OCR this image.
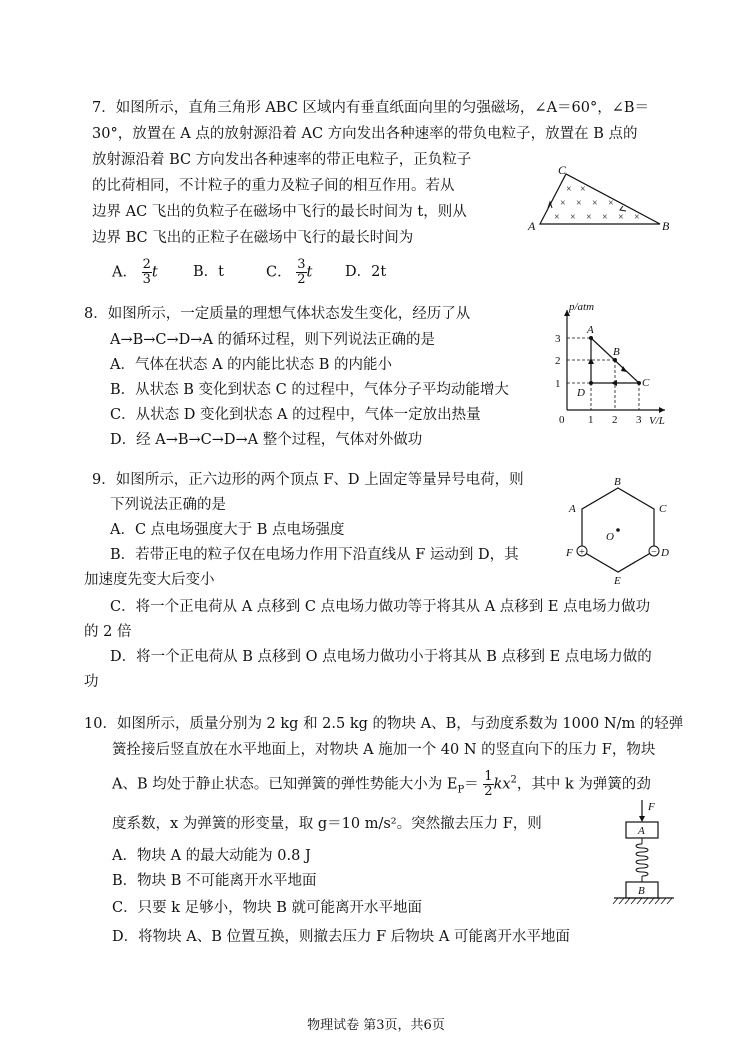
7．如图所示，直角三角形 ABC 区域内有垂直纸面向里的匀强磁场，∠A＝60°，∠B＝
30°，放置在 A 点的放射源沿着 AC 方向发出各种速率的带负电粒子，放置在 B 点的
放射源沿着 BC 方向发出各种速率的带正电粒子，正负粒子
的比荷相同，不计粒子的重力及粒子间的相互作用。若从
边界 AC 飞出的负粒子在磁场中飞行的最长时间为 t，则从
边界 BC 飞出的正粒子在磁场中飞行的最长时间为
A． $\frac{2}{3}$ t B．t	C． $\frac{3}{2}$ t D．2t
× ×
× × × ×
× × × × × ×
A
C
B
8．如图所示，一定质量的理想气体状态发生变化，经历了从
A→B→C→D→A 的循环过程，则下列说法正确的是
A．气体在状态 A 的内能比状态 B 的内能小
B．从状态 B 变化到状态 C 的过程中，气体分子平均动能增大
C．从状态 D 变化到状态 A 的过程中，气体一定放出热量
D．经 A→B→C→D→A 整个过程，气体对外做功
p/atm
V/L
0 1 2 3
1
2
3
A
B
C
D
9．如图所示，正六边形的两个顶点 F、D 上固定等量异号电荷，则
下列说法正确的是
A．C 点电场强度大于 B 点电场强度
B．若带正电的粒子仅在电场力作用下沿直线从 F 运动到 D，其
加速度先变大后变小
C．将一个正电荷从 A 点移到 C 点电场力做功等于将其从 A 点移到 E 点电场力做功
的 2 倍
D．将一个正电荷从 B 点移到 O 点电场力做功小于将其从 B 点移到 E 点电场力做的
功
+	−
B
C
D
E
F
A
O
10．如图所示，质量分别为 2 kg 和 2.5 kg 的物块 A、B，与劲度系数为 1000 N/m 的轻弹
簧拴接后竖直放在水平地面上，对物块 A 施加一个 40 N 的竖直向下的压力 F，物块
A、B 均处于静止状态。已知弹簧的弹性势能大小为 $E_P= \frac{1}{2} kx^2$，其中 k 为弹簧的劲
度系数，x 为弹簧的形变量，取 g＝10 m/s²。突然撤去压力 F，则
A．物块 A 的最大动能为 0.8 J
B．物块 B 不可能离开水平地面
C．只要 k 足够小，物块 B 就可能离开水平地面
D．将物块 A、B 位置互换，则撤去压力 F 后物块 A 可能离开水平地面
F
A
B
物理试卷 第3页，共6页
